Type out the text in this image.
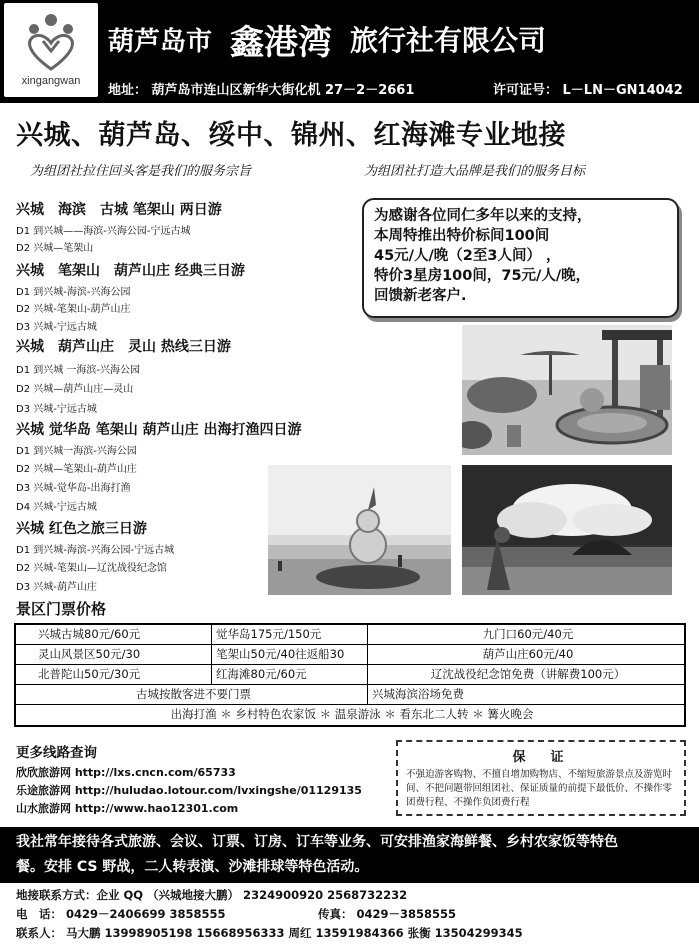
xingangwan
葫芦岛市 鑫港湾 旅行社有限公司
地址： 葫芦岛市连山区新华大街化机 27－2－2661	许可证号： L－LN－GN14042
兴城、葫芦岛、绥中、锦州、红海滩专业地接
为组团社拉住回头客是我们的服务宗旨	为组团社打造大品牌是我们的服务目标
兴城　海滨　古城 笔架山 两日游
D1 到兴城——海滨-兴海公园-宁远古城
D2 兴城—笔架山
兴城　笔架山　葫芦山庄 经典三日游
D1 到兴城-海滨-兴海公园
D2 兴城-笔架山-葫芦山庄
D3 兴城-宁远古城
兴城　葫芦山庄　灵山 热线三日游
D1 到兴城 一海滨-兴海公园
D2 兴城—葫芦山庄—灵山
D3 兴城-宁远古城
兴城 觉华岛 笔架山 葫芦山庄 出海打渔四日游
D1 到兴城一海滨-兴海公园
D2 兴城—笔架山-葫芦山庄
D3 兴城-觉华岛-出海打渔
D4 兴城-宁远古城
兴城 红色之旅三日游
D1 到兴城-海滨-兴海公园-宁远古城
D2 兴城-笔架山—辽沈战役纪念馆
D3 兴城-葫芦山庄
为感谢各位同仁多年以来的支持，
本周特推出特价标间100间
45元/人/晚（2至3人间） ，
特价3星房100间，75元/人/晚，
回馈新老客户.
景区门票价格
兴城古城80元/60元	觉华岛175元/150元	九门口60元/40元
灵山风景区50元/30	笔架山50元/40往返船30	葫芦山庄60元/40
北普陀山50元/30元	红海滩80元/60元	辽沈战役纪念馆免费（讲解费100元）
古城按散客进不要门票	兴城海滨浴场免费
出海打渔 ＊ 乡村特色农家饭 ＊ 温泉游泳 ＊ 看东北二人转 ＊ 篝火晚会
更多线路查询
欣欣旅游网 http://lxs.cncn.com/65733
乐途旅游网 http://huludao.lotour.com/lvxingshe/01129135
山水旅游网 http://www.hao12301.com
保　证
不强迫游客购物、不擅自增加购物店、不缩短旅游景点及游览时间、不把问题带回组团社、保证质量的前提下最低价、不操作零团费行程、不操作负团费行程
我社常年接待各式旅游、会议、订票、订房、订车等业务、可安排渔家海鲜餐、乡村农家饭等特色
餐。安排 CS 野战，二人转表演、沙滩排球等特色活动。
地接联系方式：企业 QQ （兴城地接大鹏） 2324900920 2568732232
电　话： 0429－2406699 3858555	传真： 0429－3858555
联系人： 马大鹏 13998905198 15668956333 周红 13591984366 张衡 13504299345
